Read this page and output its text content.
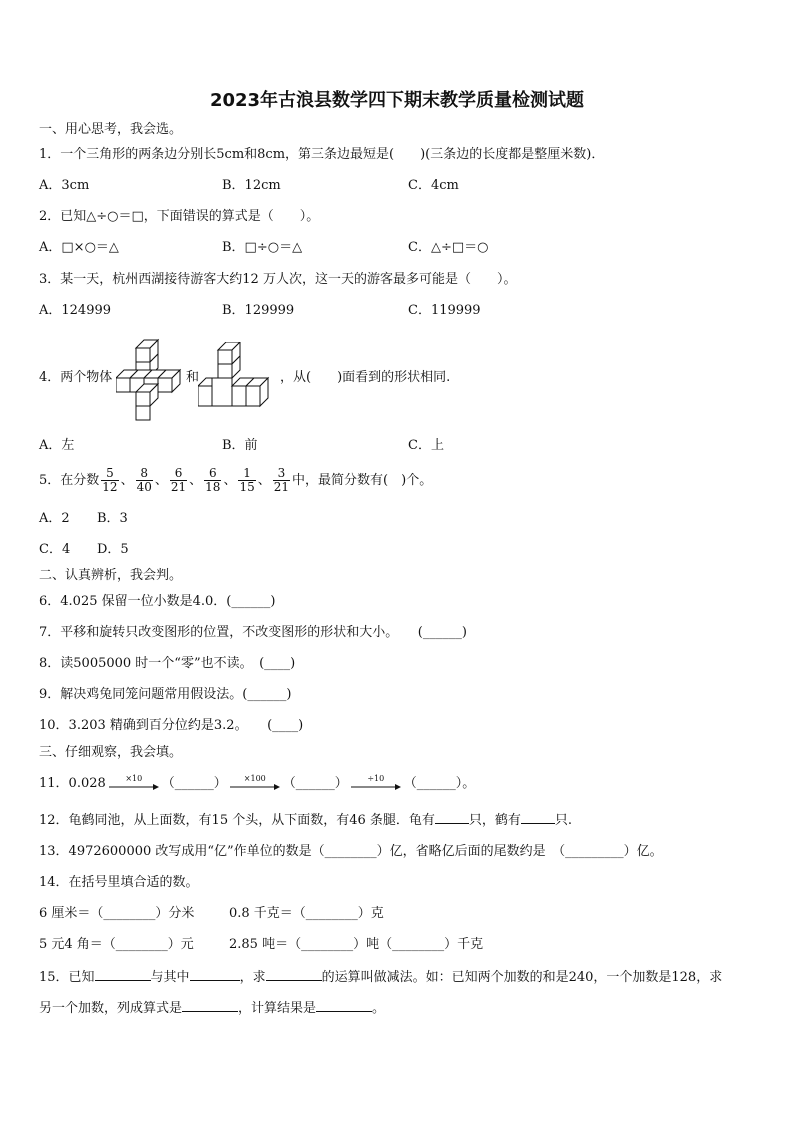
2023年古浪县数学四下期末教学质量检测试题
一、用心思考，我会选。
1．一个三角形的两条边分别长5cm和8cm，第三条边最短是(　　)(三条边的长度都是整厘米数)．
A．3cm	B．12cm	C．4cm
2．已知△÷○＝□，下面错误的算式是（　　）。
A．□×○＝△	B．□÷○＝△	C．△÷□＝○
3．某一天，杭州西湖接待游客大约12 万人次，这一天的游客最多可能是（　　）。
A．124999	B．129999	C．119999
4．两个物体	和	，从(　　)面看到的形状相同.
A．左	B．前	C．上
5．在分数 $\frac{5}{12}$ 、 $\frac{8}{40}$ 、 $\frac{6}{21}$ 、 $\frac{6}{18}$ 、 $\frac{1}{15}$ 、 $\frac{3}{21}$ 中，最简分数有(　)个。
A．2 B．3
C．4 D．5
二、认真辨析，我会判。
6．4.025 保留一位小数是4.0．(______)
7．平移和旋转只改变图形的位置，不改变图形的形状和大小。　　(______)
8．读5005000 时一个“零”也不读。　(____)
9．解决鸡兔同笼问题常用假设法。(______)
10．3.203 精确到百分位约是3.2。　　(____)
三、仔细观察，我会填。
11．0.028	×10	（______）	×100	（______）	÷10	（______）。
12．龟鹤同池，从上面数，有15 个头，从下面数，有46 条腿．龟有	只，鹤有	只.
13．4972600000 改写成用“亿”作单位的数是（________）亿，省略亿后面的尾数约是　（_________）亿。
14．在括号里填合适的数。
6 厘米＝（________）分米	0.8 千克＝（________）克
5 元4 角＝（________）元	2.85 吨＝（________）吨（________）千克
15．已知	与其中	，求	的运算叫做减法。如：已知两个加数的和是240，一个加数是128，求
另一个加数，列成算式是	，计算结果是	。
